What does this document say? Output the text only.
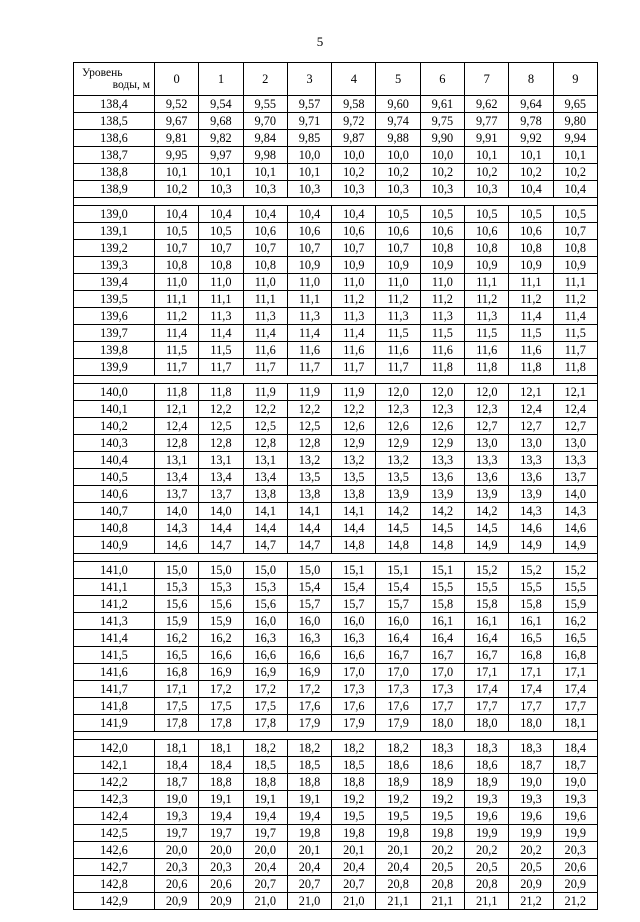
5
Уровень
воды, м	0	1	2	3	4	5	6	7	8	9
138,4	9,52	9,54	9,55	9,57	9,58	9,60	9,61	9,62	9,64	9,65
138,5	9,67	9,68	9,70	9,71	9,72	9,74	9,75	9,77	9,78	9,80
138,6	9,81	9,82	9,84	9,85	9,87	9,88	9,90	9,91	9,92	9,94
138,7	9,95	9,97	9,98	10,0	10,0	10,0	10,0	10,1	10,1	10,1
138,8	10,1	10,1	10,1	10,1	10,2	10,2	10,2	10,2	10,2	10,2
138,9	10,2	10,3	10,3	10,3	10,3	10,3	10,3	10,3	10,4	10,4

139,0	10,4	10,4	10,4	10,4	10,4	10,5	10,5	10,5	10,5	10,5
139,1	10,5	10,5	10,6	10,6	10,6	10,6	10,6	10,6	10,6	10,7
139,2	10,7	10,7	10,7	10,7	10,7	10,7	10,8	10,8	10,8	10,8
139,3	10,8	10,8	10,8	10,9	10,9	10,9	10,9	10,9	10,9	10,9
139,4	11,0	11,0	11,0	11,0	11,0	11,0	11,0	11,1	11,1	11,1
139,5	11,1	11,1	11,1	11,1	11,2	11,2	11,2	11,2	11,2	11,2
139,6	11,2	11,3	11,3	11,3	11,3	11,3	11,3	11,3	11,4	11,4
139,7	11,4	11,4	11,4	11,4	11,4	11,5	11,5	11,5	11,5	11,5
139,8	11,5	11,5	11,6	11,6	11,6	11,6	11,6	11,6	11,6	11,7
139,9	11,7	11,7	11,7	11,7	11,7	11,7	11,8	11,8	11,8	11,8

140,0	11,8	11,8	11,9	11,9	11,9	12,0	12,0	12,0	12,1	12,1
140,1	12,1	12,2	12,2	12,2	12,2	12,3	12,3	12,3	12,4	12,4
140,2	12,4	12,5	12,5	12,5	12,6	12,6	12,6	12,7	12,7	12,7
140,3	12,8	12,8	12,8	12,8	12,9	12,9	12,9	13,0	13,0	13,0
140,4	13,1	13,1	13,1	13,2	13,2	13,2	13,3	13,3	13,3	13,3
140,5	13,4	13,4	13,4	13,5	13,5	13,5	13,6	13,6	13,6	13,7
140,6	13,7	13,7	13,8	13,8	13,8	13,9	13,9	13,9	13,9	14,0
140,7	14,0	14,0	14,1	14,1	14,1	14,2	14,2	14,2	14,3	14,3
140,8	14,3	14,4	14,4	14,4	14,4	14,5	14,5	14,5	14,6	14,6
140,9	14,6	14,7	14,7	14,7	14,8	14,8	14,8	14,9	14,9	14,9

141,0	15,0	15,0	15,0	15,0	15,1	15,1	15,1	15,2	15,2	15,2
141,1	15,3	15,3	15,3	15,4	15,4	15,4	15,5	15,5	15,5	15,5
141,2	15,6	15,6	15,6	15,7	15,7	15,7	15,8	15,8	15,8	15,9
141,3	15,9	15,9	16,0	16,0	16,0	16,0	16,1	16,1	16,1	16,2
141,4	16,2	16,2	16,3	16,3	16,3	16,4	16,4	16,4	16,5	16,5
141,5	16,5	16,6	16,6	16,6	16,6	16,7	16,7	16,7	16,8	16,8
141,6	16,8	16,9	16,9	16,9	17,0	17,0	17,0	17,1	17,1	17,1
141,7	17,1	17,2	17,2	17,2	17,3	17,3	17,3	17,4	17,4	17,4
141,8	17,5	17,5	17,5	17,6	17,6	17,6	17,7	17,7	17,7	17,7
141,9	17,8	17,8	17,8	17,9	17,9	17,9	18,0	18,0	18,0	18,1

142,0	18,1	18,1	18,2	18,2	18,2	18,2	18,3	18,3	18,3	18,4
142,1	18,4	18,4	18,5	18,5	18,5	18,6	18,6	18,6	18,7	18,7
142,2	18,7	18,8	18,8	18,8	18,8	18,9	18,9	18,9	19,0	19,0
142,3	19,0	19,1	19,1	19,1	19,2	19,2	19,2	19,3	19,3	19,3
142,4	19,3	19,4	19,4	19,4	19,5	19,5	19,5	19,6	19,6	19,6
142,5	19,7	19,7	19,7	19,8	19,8	19,8	19,8	19,9	19,9	19,9
142,6	20,0	20,0	20,0	20,1	20,1	20,1	20,2	20,2	20,2	20,3
142,7	20,3	20,3	20,4	20,4	20,4	20,4	20,5	20,5	20,5	20,6
142,8	20,6	20,6	20,7	20,7	20,7	20,8	20,8	20,8	20,9	20,9
142,9	20,9	20,9	21,0	21,0	21,0	21,1	21,1	21,1	21,2	21,2
